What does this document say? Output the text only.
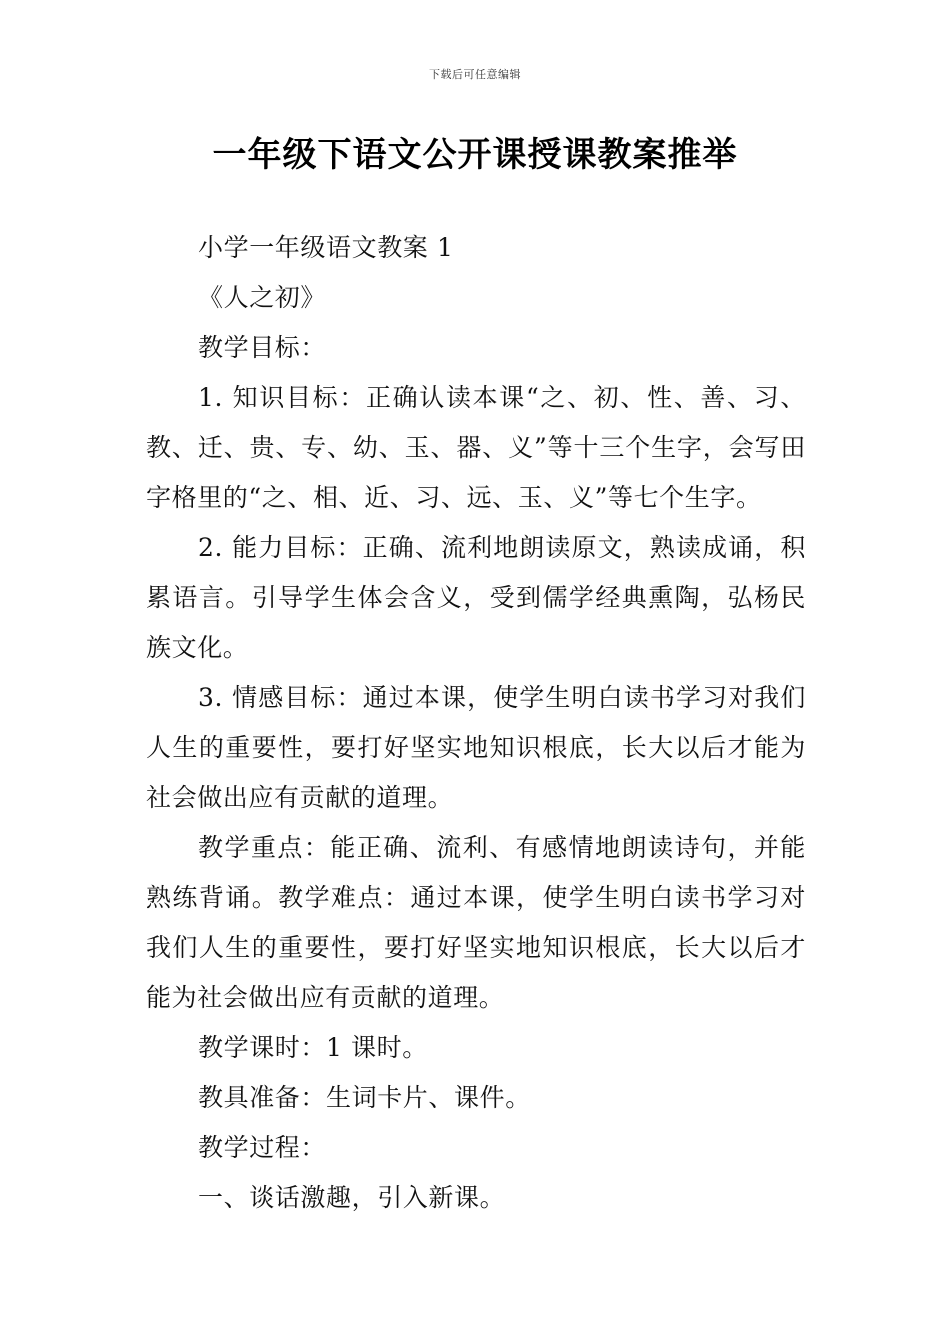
下载后可任意编辑
一年级下语文公开课授课教案推举

小学一年级语文教案 1

《人之初》

教学目标：

1. 知识目标：正确认读本课“之、初、性、善、习、教、迁、贵、专、幼、玉、器、义”等十三个生字，会写田字格里的“之、相、近、习、远、玉、义”等七个生字。

2. 能力目标：正确、流利地朗读原文，熟读成诵，积累语言。引导学生体会含义，受到儒学经典熏陶，弘杨民族文化。

3. 情感目标：通过本课，使学生明白读书学习对我们人生的重要性，要打好坚实地知识根底，长大以后才能为社会做出应有贡献的道理。

教学重点：能正确、流利、有感情地朗读诗句，并能熟练背诵。教学难点：通过本课，使学生明白读书学习对我们人生的重要性，要打好坚实地知识根底，长大以后才能为社会做出应有贡献的道理。

教学课时：1 课时。

教具准备：生词卡片、课件。

教学过程：

一、谈话激趣，引入新课。
